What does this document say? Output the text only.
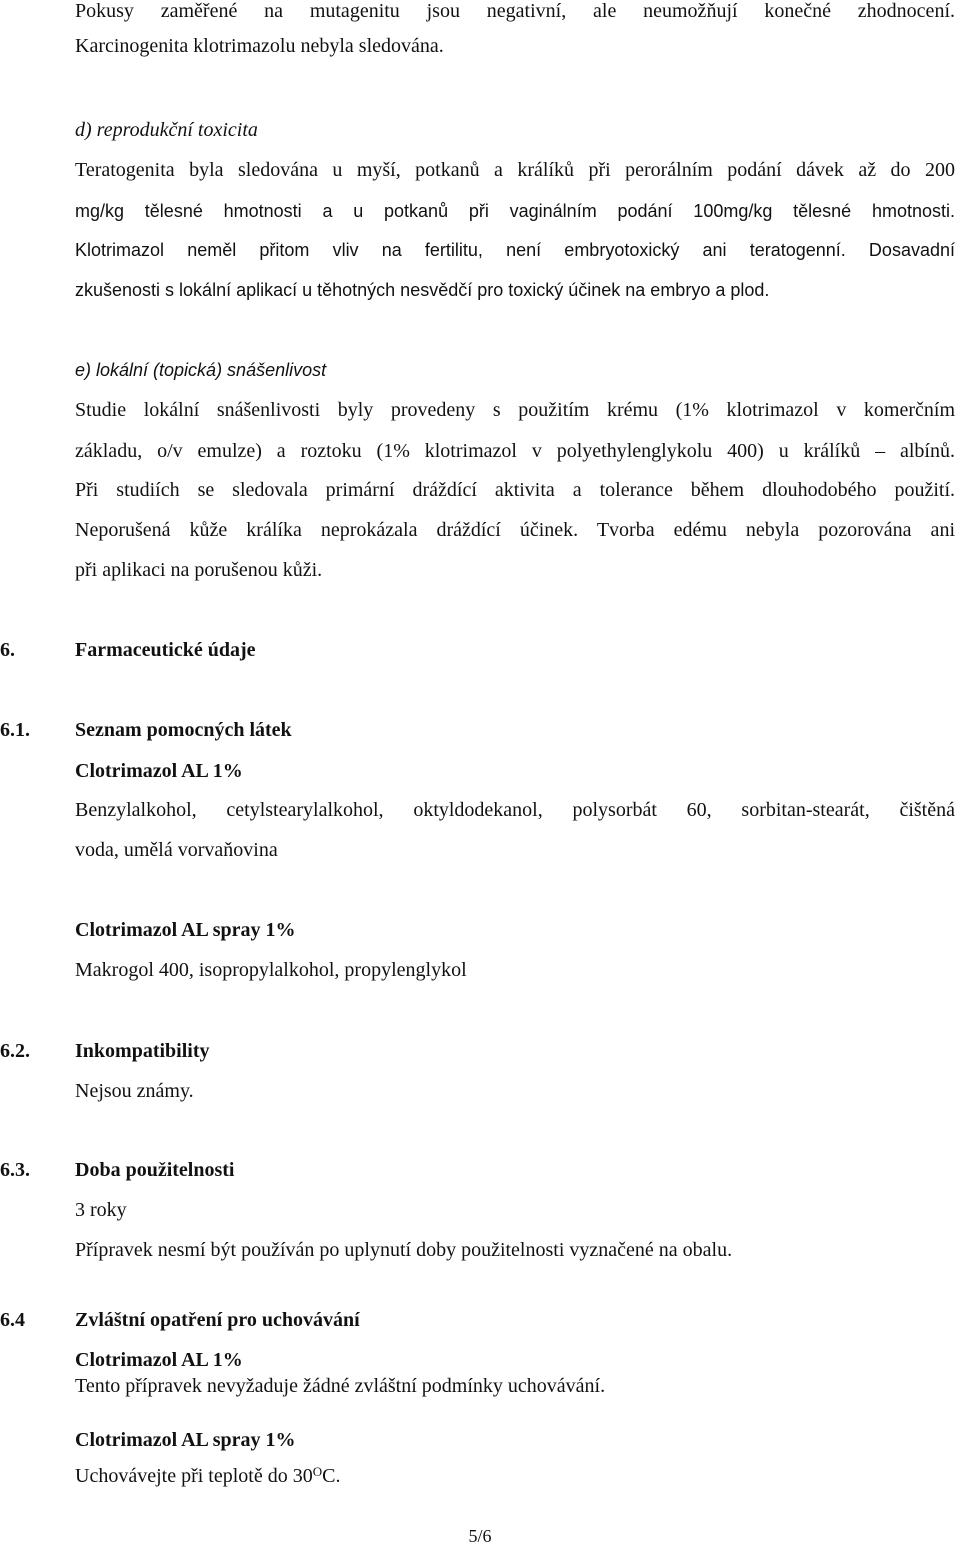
Pokusy zaměřené na mutagenitu jsou negativní, ale neumožňují konečné zhodnocení.
Karcinogenita klotrimazolu nebyla sledována.
d) reprodukční toxicita
Teratogenita byla sledována u myší, potkanů a králíků při perorálním podání dávek až do 200
mg/kg tělesné hmotnosti a u potkanů při vaginálním podání 100mg/kg tělesné hmotnosti.
Klotrimazol neměl přitom vliv na fertilitu, není embryotoxický ani teratogenní. Dosavadní
zkušenosti s lokální aplikací u těhotných nesvědčí pro toxický účinek na embryo a plod.
e) lokální (topická) snášenlivost
Studie lokální snášenlivosti byly provedeny s použitím krému (1% klotrimazol v komerčním
základu, o/v emulze) a roztoku (1% klotrimazol v polyethylenglykolu 400) u králíků – albínů.
Při studiích se sledovala primární dráždící aktivita a tolerance během dlouhodobého použití.
Neporušená kůže králíka neprokázala dráždící účinek. Tvorba edému nebyla pozorována ani
při aplikaci na porušenou kůži.
6.	Farmaceutické údaje
6.1. Seznam pomocných látek
Clotrimazol AL 1%
Benzylalkohol, cetylstearylalkohol, oktyldodekanol, polysorbát 60, sorbitan-stearát, čištěná
voda, umělá vorvaňovina
Clotrimazol AL spray 1%
Makrogol 400, isopropylalkohol, propylenglykol
6.2. Inkompatibility
Nejsou známy.
6.3. Doba použitelnosti
3 roky
Přípravek nesmí být používán po uplynutí doby použitelnosti vyznačené na obalu.
6.4	Zvláštní opatření pro uchovávání
Clotrimazol AL 1%
Tento přípravek nevyžaduje žádné zvláštní podmínky uchovávání.
Clotrimazol AL spray 1%
Uchovávejte při teplotě do $30^OC$.
5/6
